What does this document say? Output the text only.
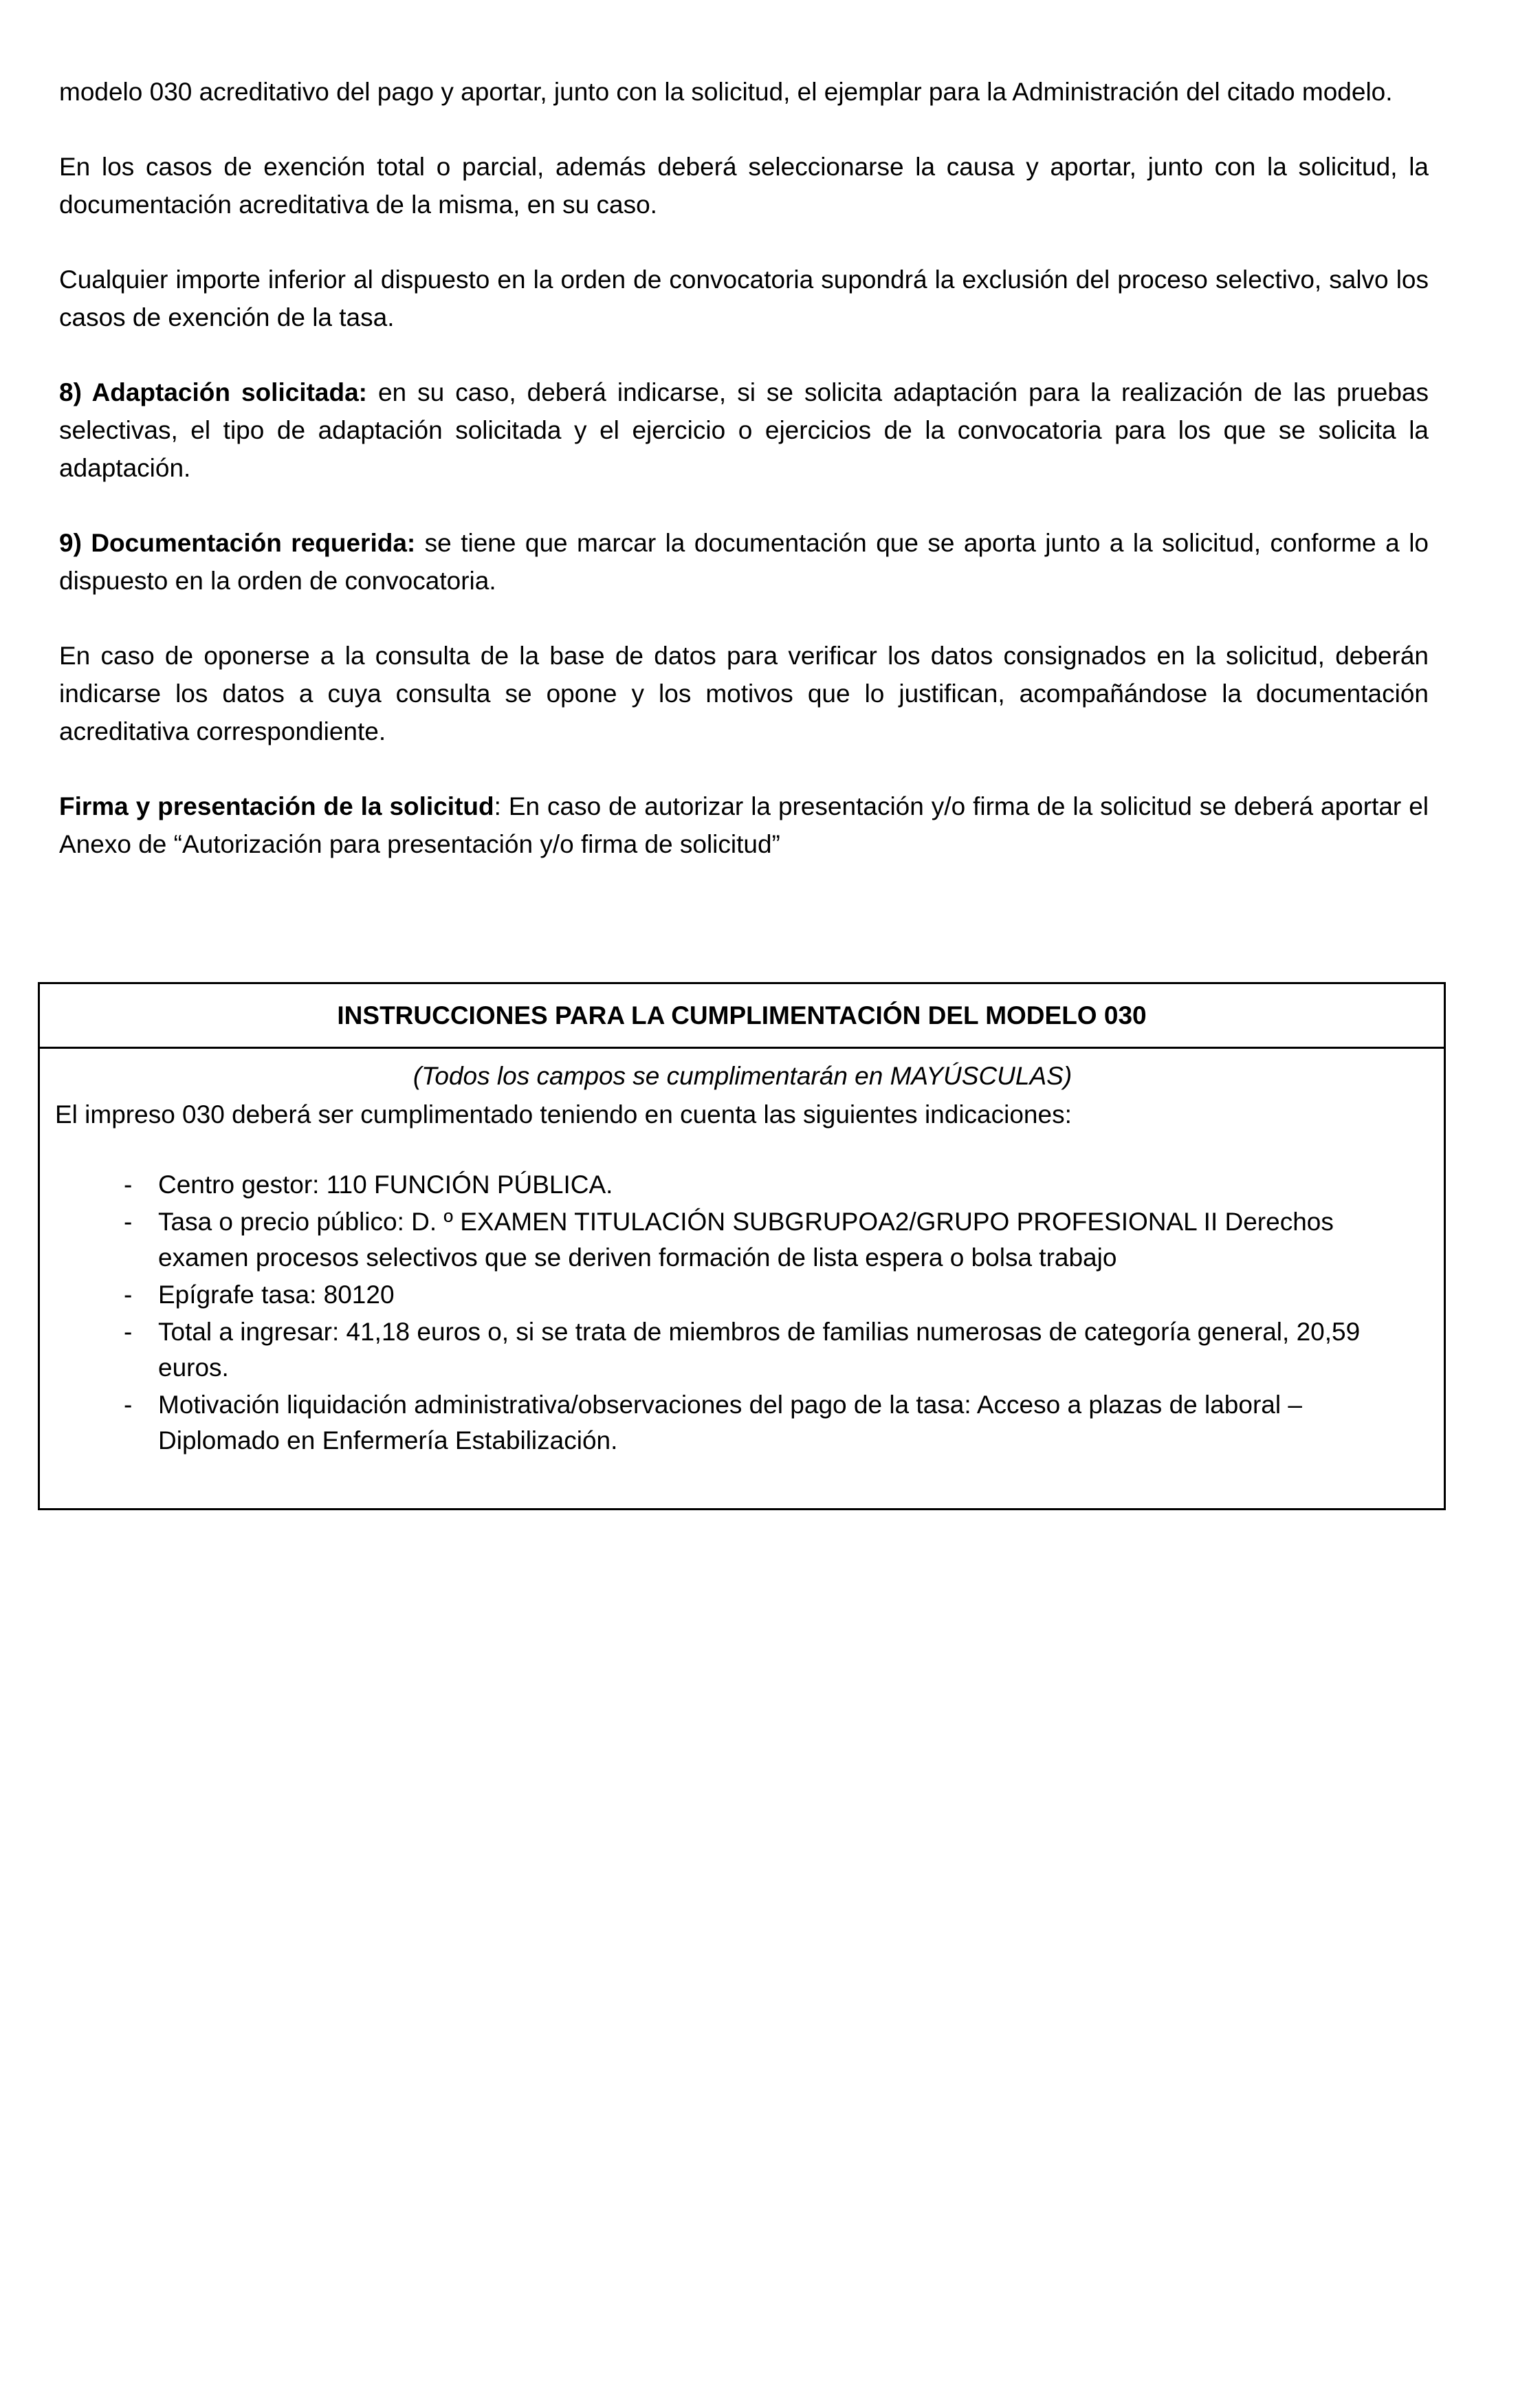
modelo 030 acreditativo del pago y aportar, junto con la solicitud, el ejemplar para la Administración del citado modelo.

En los casos de exención total o parcial, además deberá seleccionarse la causa y aportar, junto con la solicitud, la documentación acreditativa de la misma, en su caso.

Cualquier importe inferior al dispuesto en la orden de convocatoria supondrá la exclusión del proceso selectivo, salvo los casos de exención de la tasa.

8) Adaptación solicitada: en su caso, deberá indicarse, si se solicita adaptación para la realización de las pruebas selectivas, el tipo de adaptación solicitada y el ejercicio o ejercicios de la convocatoria para los que se solicita la adaptación.

9) Documentación requerida: se tiene que marcar la documentación que se aporta junto a la solicitud, conforme a lo dispuesto en la orden de convocatoria.

En caso de oponerse a la consulta de la base de datos para verificar los datos consignados en la solicitud, deberán indicarse los datos a cuya consulta se opone y los motivos que lo justifican, acompañándose la documentación acreditativa correspondiente.

Firma y presentación de la solicitud: En caso de autorizar la presentación y/o firma de la solicitud se deberá aportar el Anexo de “Autorización para presentación y/o firma de solicitud”

INSTRUCCIONES PARA LA CUMPLIMENTACIÓN DEL MODELO 030
(Todos los campos se cumplimentarán en MAYÚSCULAS)
El impreso 030 deberá ser cumplimentado teniendo en cuenta las siguientes indicaciones:
-	Centro gestor: 110 FUNCIÓN PÚBLICA.
-	Tasa o precio público: D. º EXAMEN TITULACIÓN SUBGRUPOA2/GRUPO PROFESIONAL II Derechos examen procesos selectivos que se deriven formación de lista espera o bolsa trabajo
-	Epígrafe tasa: 80120
-	Total a ingresar: 41,18 euros o, si se trata de miembros de familias numerosas de categoría general, 20,59 euros.
-	Motivación liquidación administrativa/observaciones del pago de la tasa: Acceso a plazas de laboral – Diplomado en Enfermería Estabilización.
